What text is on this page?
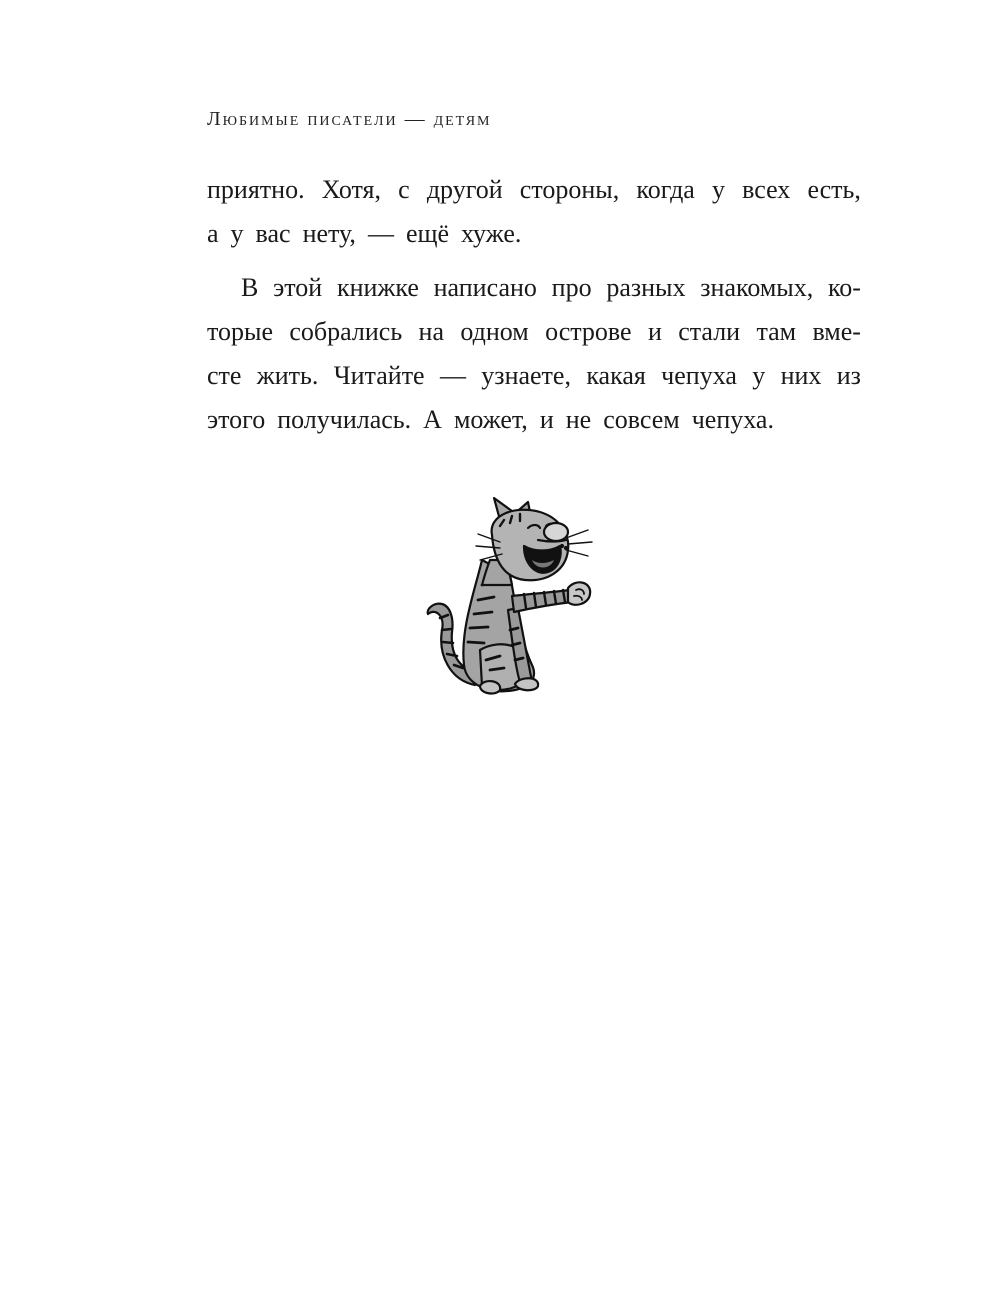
Любимые писатели — детям
приятно. Хотя, с другой стороны, когда у всех есть,
а у вас нету, — ещё хуже.
В этой книжке написано про разных знакомых, ко-
торые собрались на одном острове и стали там вме-
сте жить. Читайте — узнаете, какая чепуха у них из
этого получилась. А может, и не совсем чепуха.
